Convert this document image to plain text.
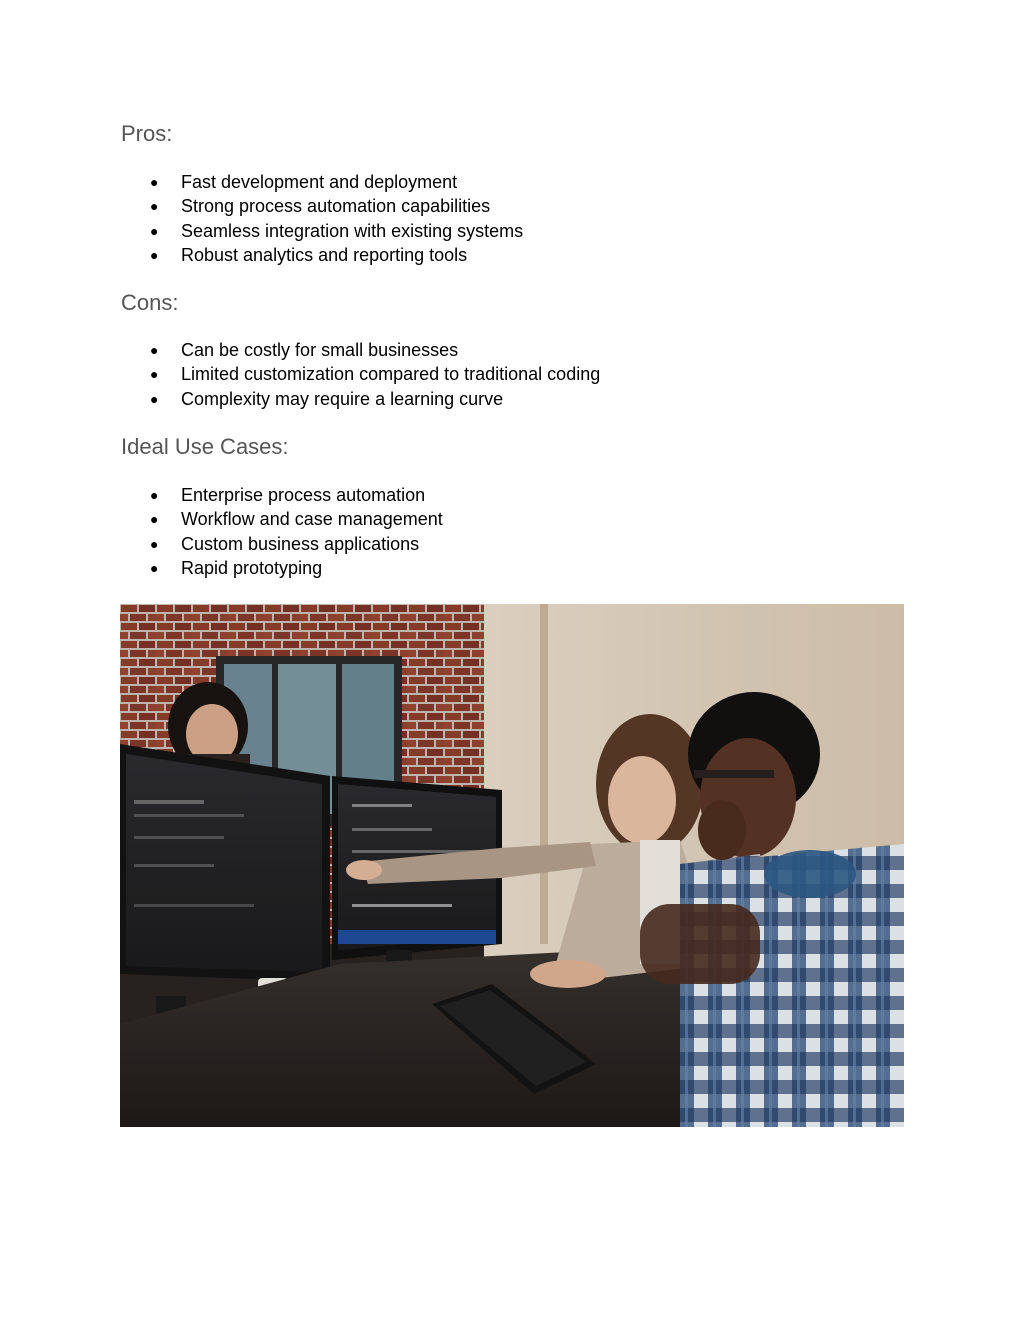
Pros:
● Fast development and deployment
● Strong process automation capabilities
● Seamless integration with existing systems
● Robust analytics and reporting tools
Cons:
● Can be costly for small businesses
● Limited customization compared to traditional coding
● Complexity may require a learning curve
Ideal Use Cases:
● Enterprise process automation
● Workflow and case management
● Custom business applications
● Rapid prototyping
